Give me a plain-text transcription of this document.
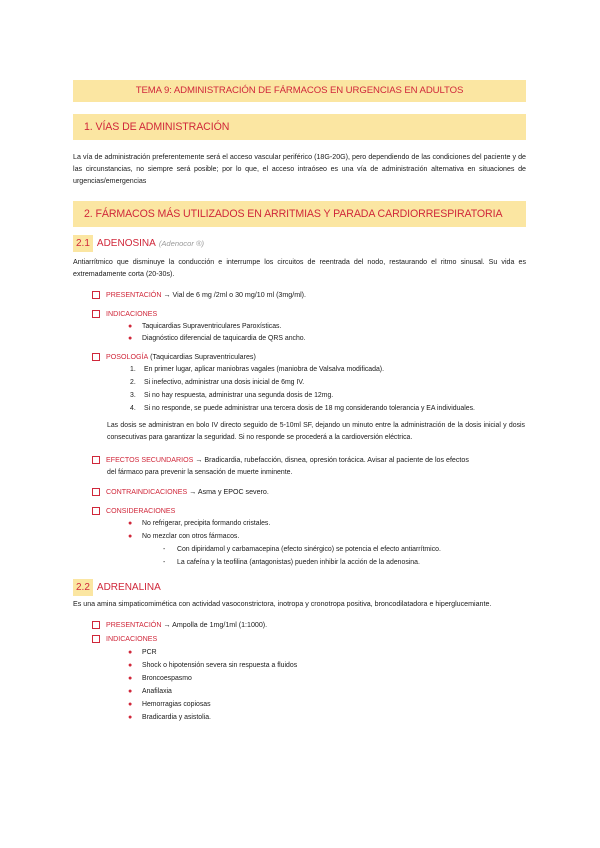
TEMA 9: ADMINISTRACIÓN DE FÁRMACOS EN URGENCIAS EN ADULTOS
1. VÍAS DE ADMINISTRACIÓN
La vía de administración preferentemente será el acceso vascular periférico (18G-20G), pero dependiendo de las condiciones del paciente y de las circunstancias, no siempre será posible; por lo que, el acceso intraóseo es una vía de administración alternativa en situaciones de urgencias/emergencias
2. FÁRMACOS MÁS UTILIZADOS EN ARRITMIAS Y PARADA CARDIORRESPIRATORIA
2.1 ADENOSINA (Adenocor ®)
Antiarrítmico que disminuye la conducción e interrumpe los circuitos de reentrada del nodo, restaurando el ritmo sinusal. Su vida es extremadamente corta (20-30s).
PRESENTACIÓN
→ Vial de 6 mg /2ml o 30 mg/10 ml (3mg/ml).
INDICACIONES
●	Taquicardias Supraventriculares Paroxísticas.
●	Diagnóstico diferencial de taquicardia de QRS ancho.
POSOLOGÍA
(Taquicardias Supraventriculares)
1.	En primer lugar, aplicar maniobras vagales (maniobra de Valsalva modificada).
2.	Si inefectivo, administrar una dosis inicial de 6mg IV.
3.	Si no hay respuesta, administrar una segunda dosis de 12mg.
4.	Si no responde, se puede administrar una tercera dosis de 18 mg considerando tolerancia y EA individuales.
Las dosis se administran en bolo IV directo seguido de 5-10ml SF, dejando un minuto entre la administración de la dosis inicial y dosis consecutivas para garantizar la seguridad. Si no responde se procederá a la cardioversión eléctrica.
EFECTOS SECUNDARIOS
→ Bradicardia, rubefacción, disnea, opresión torácica. Avisar al paciente de los efectos
del fármaco para prevenir la sensación de muerte inminente.
CONTRAINDICACIONES
→ Asma y EPOC severo.
CONSIDERACIONES
●	No refrigerar, precipita formando cristales.
●	No mezclar con otros fármacos.
-	Con dipiridamol y carbamacepina (efecto sinérgico) se potencia el efecto antiarrítmico.
-	La cafeína y la teofilina (antagonistas) pueden inhibir la acción de la adenosina.
2.2 ADRENALINA
Es una amina simpaticomimética con actividad vasoconstrictora, inotropa y cronotropa positiva, broncodilatadora e hiperglucemiante.
PRESENTACIÓN
→ Ampolla de 1mg/1ml (1:1000).
INDICACIONES
●	PCR
●	Shock o hipotensión severa sin respuesta a fluidos
●	Broncoespasmo
●	Anafilaxia
●	Hemorragias copiosas
●	Bradicardia y asistolia.
